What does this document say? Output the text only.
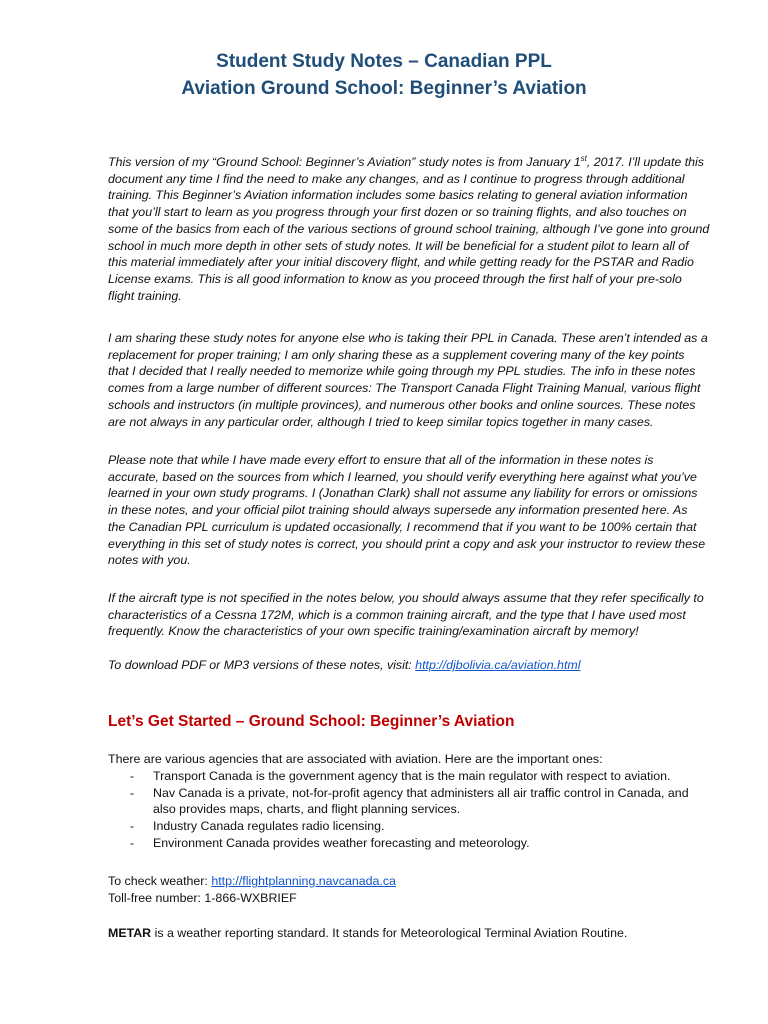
Student Study Notes – Canadian PPL
Aviation Ground School: Beginner’s Aviation

This version of my “Ground School: Beginner’s Aviation” study notes is from January 1st, 2017. I’ll update this
document any time I find the need to make any changes, and as I continue to progress through additional
training. This Beginner’s Aviation information includes some basics relating to general aviation information
that you’ll start to learn as you progress through your first dozen or so training flights, and also touches on
some of the basics from each of the various sections of ground school training, although I’ve gone into ground
school in much more depth in other sets of study notes. It will be beneficial for a student pilot to learn all of
this material immediately after your initial discovery flight, and while getting ready for the PSTAR and Radio
License exams. This is all good information to know as you proceed through the first half of your pre-solo
flight training.

I am sharing these study notes for anyone else who is taking their PPL in Canada. These aren’t intended as a
replacement for proper training; I am only sharing these as a supplement covering many of the key points
that I decided that I really needed to memorize while going through my PPL studies. The info in these notes
comes from a large number of different sources: The Transport Canada Flight Training Manual, various flight
schools and instructors (in multiple provinces), and numerous other books and online sources. These notes
are not always in any particular order, although I tried to keep similar topics together in many cases.

Please note that while I have made every effort to ensure that all of the information in these notes is
accurate, based on the sources from which I learned, you should verify everything here against what you’ve
learned in your own study programs. I (Jonathan Clark) shall not assume any liability for errors or omissions
in these notes, and your official pilot training should always supersede any information presented here. As
the Canadian PPL curriculum is updated occasionally, I recommend that if you want to be 100% certain that
everything in this set of study notes is correct, you should print a copy and ask your instructor to review these
notes with you.

If the aircraft type is not specified in the notes below, you should always assume that they refer specifically to
characteristics of a Cessna 172M, which is a common training aircraft, and the type that I have used most
frequently. Know the characteristics of your own specific training/examination aircraft by memory!

To download PDF or MP3 versions of these notes, visit: http://djbolivia.ca/aviation.html

Let’s Get Started – Ground School: Beginner’s Aviation

There are various agencies that are associated with aviation. Here are the important ones:

- Transport Canada is the government agency that is the main regulator with respect to aviation.
- Nav Canada is a private, not-for-profit agency that administers all air traffic control in Canada, and
also provides maps, charts, and flight planning services.
- Industry Canada regulates radio licensing.
- Environment Canada provides weather forecasting and meteorology.

To check weather: http://flightplanning.navcanada.ca

Toll-free number: 1-866-WXBRIEF

METAR is a weather reporting standard. It stands for Meteorological Terminal Aviation Routine.
